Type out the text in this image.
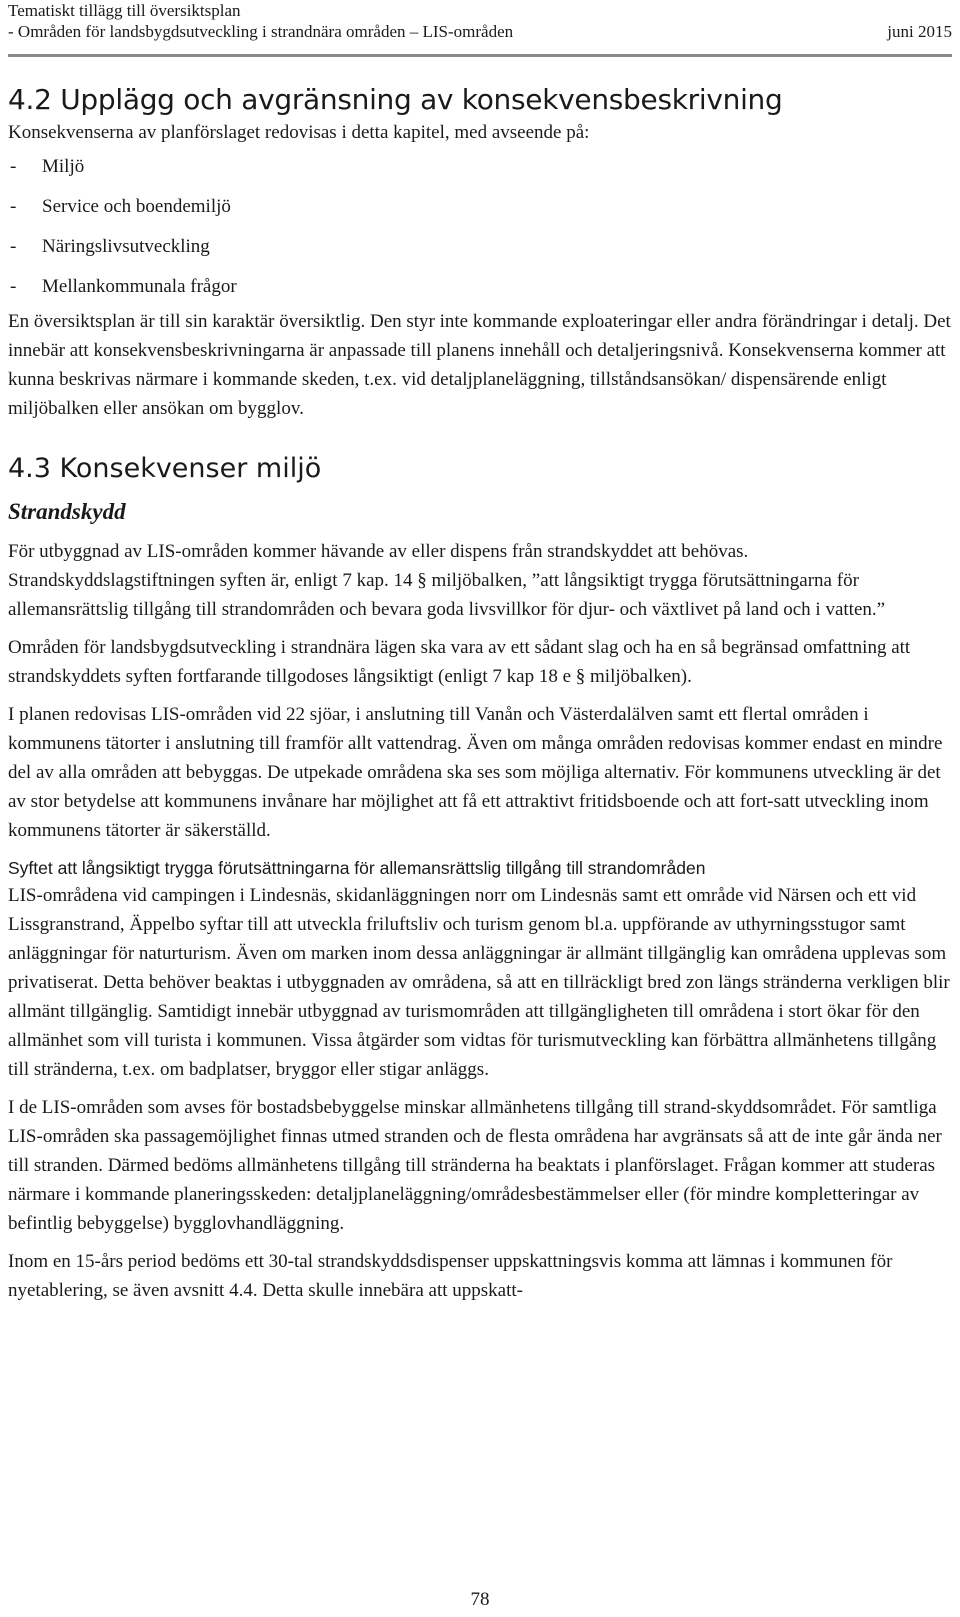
Tematiskt tillägg till översiktsplan
- Områden för landsbygdsutveckling i strandnära områden – LIS-områden	juni 2015
4.2 Upplägg och avgränsning av konsekvensbeskrivning

Konsekvenserna av planförslaget redovisas i detta kapitel, med avseende på:

- Miljö
- Service och boendemiljö
- Näringslivsutveckling
- Mellankommunala frågor

En översiktsplan är till sin karaktär översiktlig. Den styr inte kommande exploateringar eller andra förändringar i detalj. Det innebär att konsekvensbeskrivningarna är anpassade till planens innehåll och detaljeringsnivå. Konsekvenserna kommer att kunna beskrivas närmare i kommande skeden, t.ex. vid detaljplaneläggning, tillståndsansökan/ dispensärende enligt miljöbalken eller ansökan om bygglov.

4.3 Konsekvenser miljö
Strandskydd

För utbyggnad av LIS-områden kommer hävande av eller dispens från strandskyddet att behövas. Strandskyddslagstiftningen syften är, enligt 7 kap. 14 § miljöbalken, ”att långsiktigt trygga förutsättningarna för allemansrättslig tillgång till strandområden och bevara goda livsvillkor för djur- och växtlivet på land och i vatten.”

Områden för landsbygdsutveckling i strandnära lägen ska vara av ett sådant slag och ha en så begränsad omfattning att strandskyddets syften fortfarande tillgodoses långsiktigt (enligt 7 kap 18 e § miljöbalken).

I planen redovisas LIS-områden vid 22 sjöar, i anslutning till Vanån och Västerdalälven samt ett flertal områden i kommunens tätorter i anslutning till framför allt vattendrag. Även om många områden redovisas kommer endast en mindre del av alla områden att bebyggas. De utpekade områdena ska ses som möjliga alternativ. För kommunens utveckling är det av stor betydelse att kommunens invånare har möjlighet att få ett attraktivt fritidsboende och att fort-satt utveckling inom kommunens tätorter är säkerställd.

Syftet att långsiktigt trygga förutsättningarna för allemansrättslig tillgång till strandområden

LIS-områdena vid campingen i Lindesnäs, skidanläggningen norr om Lindesnäs samt ett område vid Närsen och ett vid Lissgranstrand, Äppelbo syftar till att utveckla friluftsliv och turism genom bl.a. uppförande av uthyrningsstugor samt anläggningar för naturturism. Även om marken inom dessa anläggningar är allmänt tillgänglig kan områdena upplevas som privatiserat. Detta behöver beaktas i utbyggnaden av områdena, så att en tillräckligt bred zon längs stränderna verkligen blir allmänt tillgänglig. Samtidigt innebär utbyggnad av turismområden att tillgängligheten till områdena i stort ökar för den allmänhet som vill turista i kommunen. Vissa åtgärder som vidtas för turismutveckling kan förbättra allmänhetens tillgång till stränderna, t.ex. om badplatser, bryggor eller stigar anläggs.

I de LIS-områden som avses för bostadsbebyggelse minskar allmänhetens tillgång till strand-skyddsområdet. För samtliga LIS-områden ska passagemöjlighet finnas utmed stranden och de flesta områdena har avgränsats så att de inte går ända ner till stranden. Därmed bedöms allmänhetens tillgång till stränderna ha beaktats i planförslaget. Frågan kommer att studeras närmare i kommande planeringsskeden: detaljplaneläggning/områdesbestämmelser eller (för mindre kompletteringar av befintlig bebyggelse) bygglovhandläggning.

Inom en 15-års period bedöms ett 30-tal strandskyddsdispenser uppskattningsvis komma att lämnas i kommunen för nyetablering, se även avsnitt 4.4. Detta skulle innebära att uppskatt-

78
